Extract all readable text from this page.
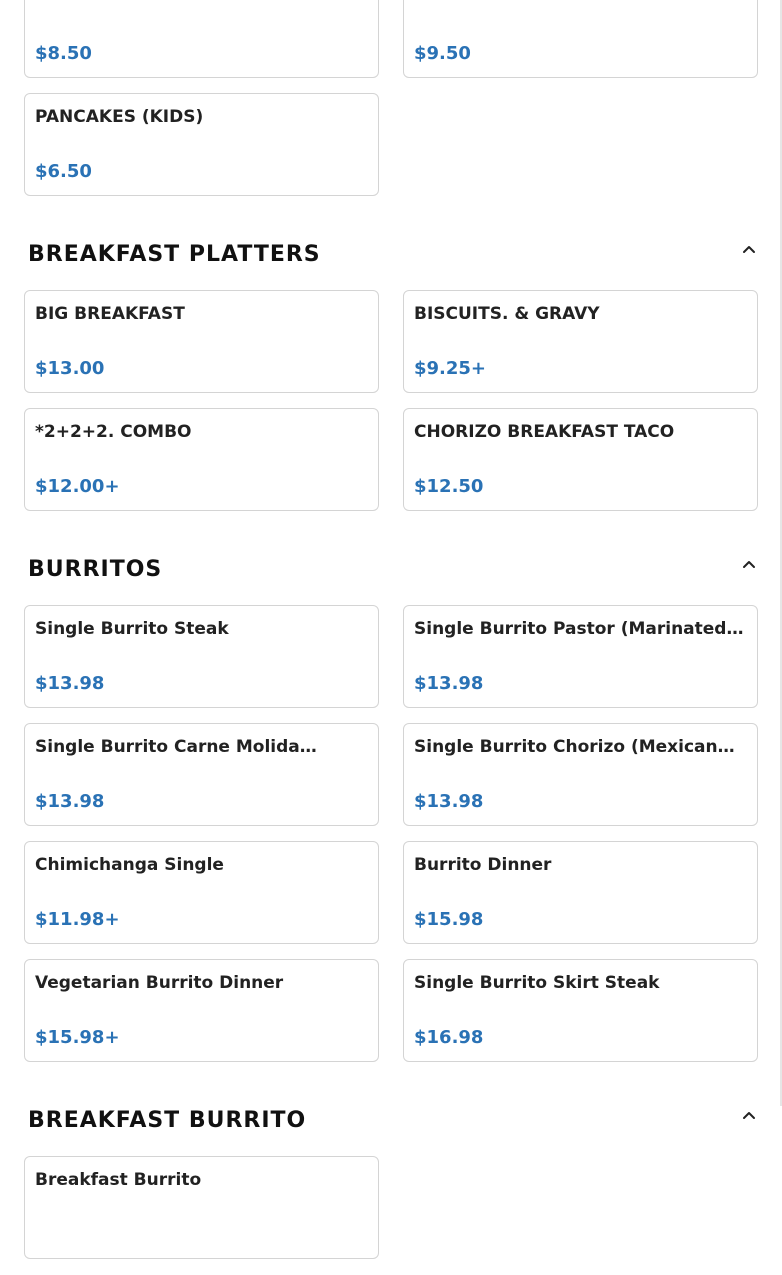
$8.50	$9.50
PANCAKES (KIDS)
$6.50
BREAKFAST PLATTERS
BIG BREAKFAST
$13.00
BISCUITS. & GRAVY
$9.25+
*2+2+2. COMBO
$12.00+
CHORIZO BREAKFAST TACO
$12.50
BURRITOS
Single Burrito Steak
$13.98
Single Burrito Pastor (Marinated…
$13.98
Single Burrito Carne Molida…
$13.98
Single Burrito Chorizo (Mexican…
$13.98
Chimichanga Single
$11.98+
Burrito Dinner
$15.98
Vegetarian Burrito Dinner
$15.98+
Single Burrito Skirt Steak
$16.98
BREAKFAST BURRITO
Breakfast Burrito
